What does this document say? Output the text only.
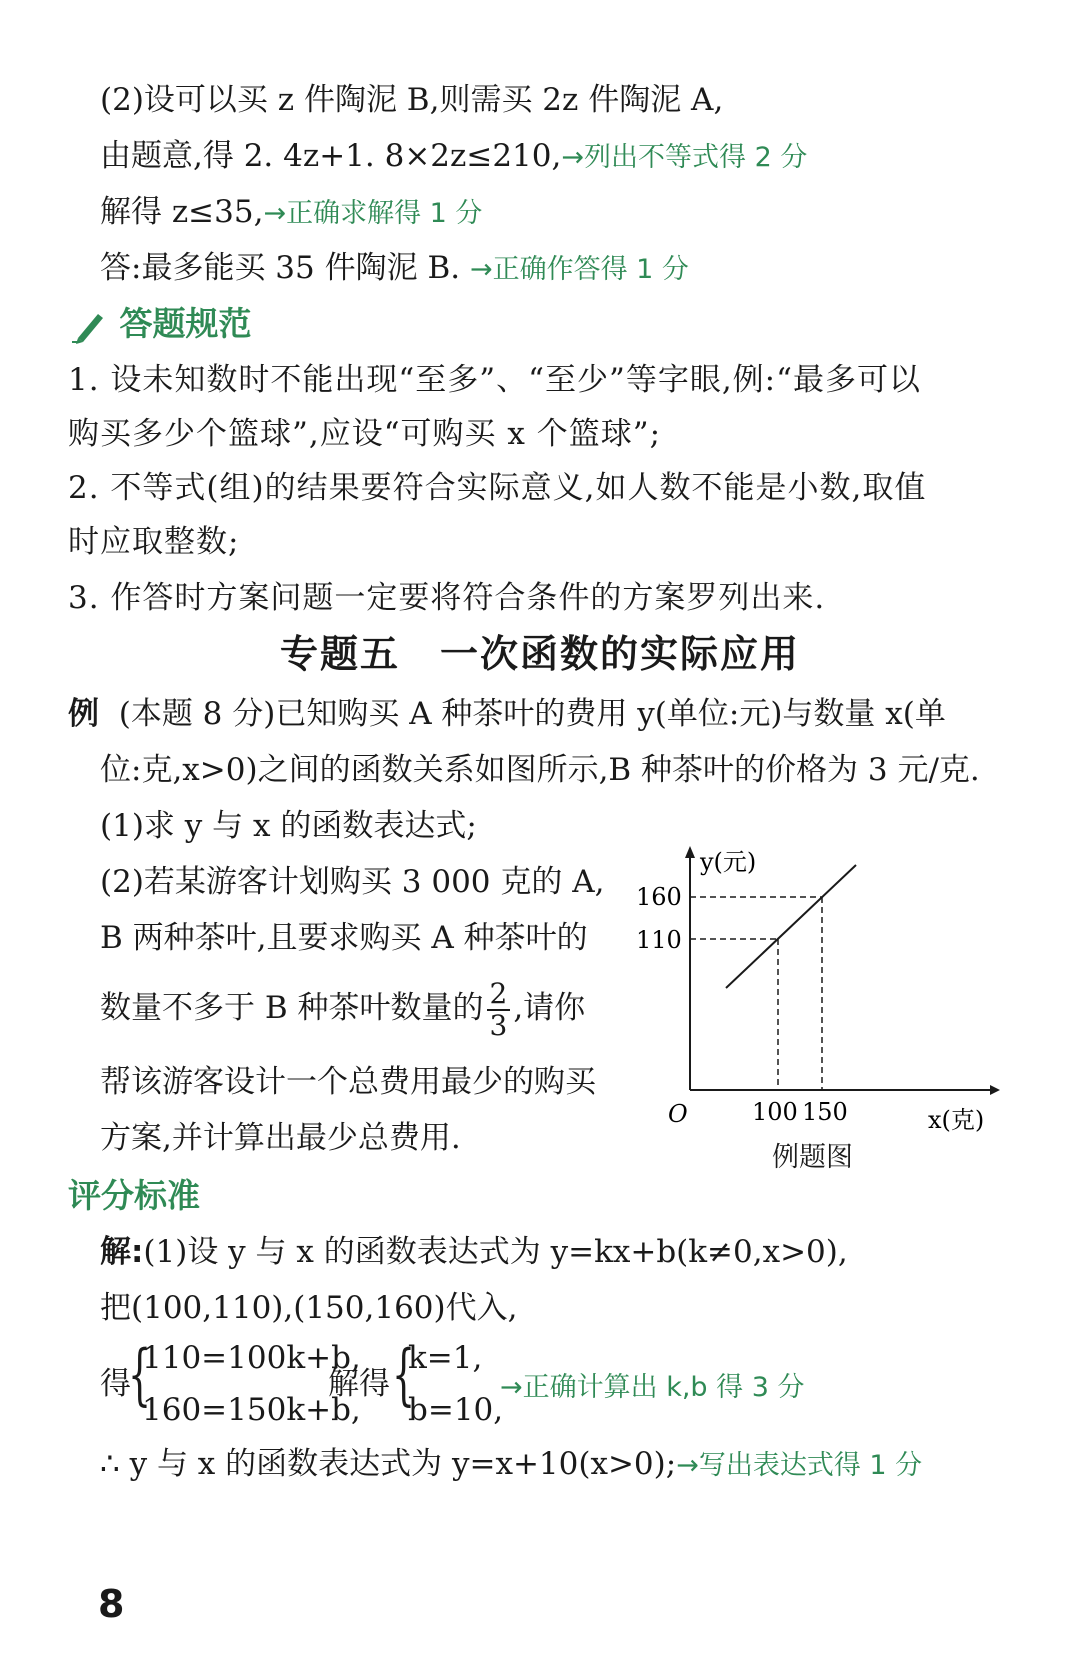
(2)设可以买 z 件陶泥 B,则需买 2z 件陶泥 A,
由题意,得 2. 4z+1. 8×2z≤210,→列出不等式得 2 分
解得 z≤35,→正确求解得 1 分
答:最多能买 35 件陶泥 B. →正确作答得 1 分
答题规范
1. 设未知数时不能出现“至多”、“至少”等字眼,例:“最多可以
购买多少个篮球”,应设“可购买 x 个篮球”;
2. 不等式(组)的结果要符合实际意义,如人数不能是小数,取值
时应取整数;
3. 作答时方案问题一定要将符合条件的方案罗列出来.
专题五　一次函数的实际应用
例 (本题 8 分)已知购买 A 种茶叶的费用 y(单位:元)与数量 x(单
位:克,x>0)之间的函数关系如图所示,B 种茶叶的价格为 3 元/克.
(1)求 y 与 x 的函数表达式;
(2)若某游客计划购买 3 000 克的 A,
B 两种茶叶,且要求购买 A 种茶叶的
数量不多于 B 种茶叶数量的 $\frac{2}{3}$ ,请你
帮该游客设计一个总费用最少的购买
方案,并计算出最少总费用.
y(元)
x(克)
O
160
110
100 150
例题图
评分标准
解:(1)设 y 与 x 的函数表达式为 y=kx+b(k≠0,x>0),
把(100,110),(150,160)代入,
得
{
110=100k+b,
160=150k+b,
解得 {
k=1,
b=10,
→正确计算出 k,b 得 3 分
∴ y 与 x 的函数表达式为 y=x+10(x>0);→写出表达式得 1 分
8
